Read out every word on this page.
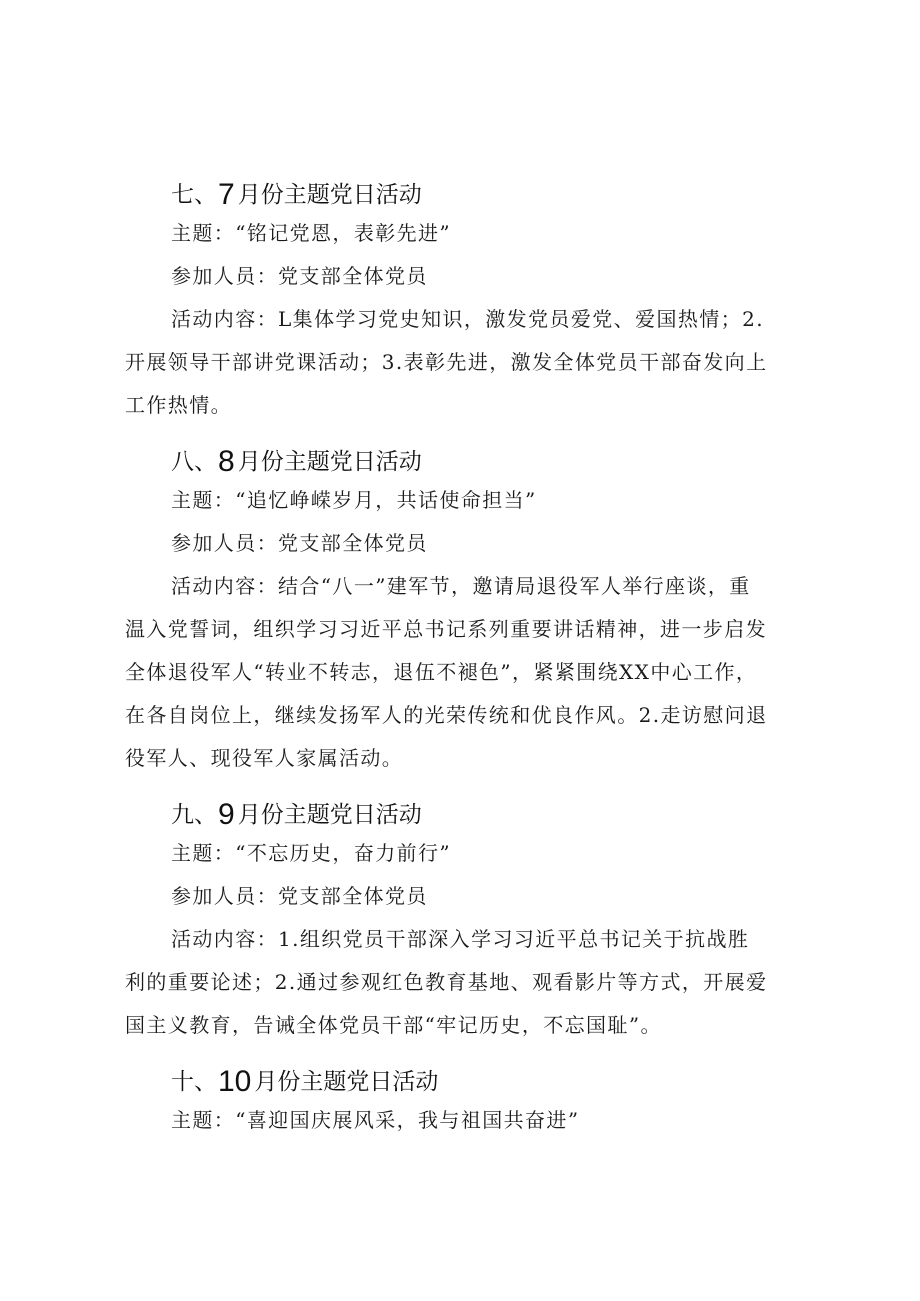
七、 7 月份主题党日活动

主题：“铭记党恩，表彰先进”

参加人员：党支部全体党员

活动内容：L集体学习党史知识，激发党员爱党、爱国热情；2.
开展领导干部讲党课活动；3.表彰先进，激发全体党员干部奋发向上
工作热情。
八、 8 月份主题党日活动

主题：“追忆峥嵘岁月，共话使命担当”

参加人员：党支部全体党员

活动内容：结合“八一”建军节，邀请局退役军人举行座谈，重
温入党誓词，组织学习习近平总书记系列重要讲话精神，进一步启发
全体退役军人“转业不转志，退伍不褪色”，紧紧围绕XX中心工作，
在各自岗位上，继续发扬军人的光荣传统和优良作风。2.走访慰问退
役军人、现役军人家属活动。
九、 9 月份主题党日活动

主题：“不忘历史，奋力前行”

参加人员：党支部全体党员

活动内容：1.组织党员干部深入学习习近平总书记关于抗战胜
利的重要论述；2.通过参观红色教育基地、观看影片等方式，开展爱
国主义教育，告诫全体党员干部“牢记历史，不忘国耻”。
十、 10 月份主题党日活动

主题：“喜迎国庆展风采，我与祖国共奋进”
